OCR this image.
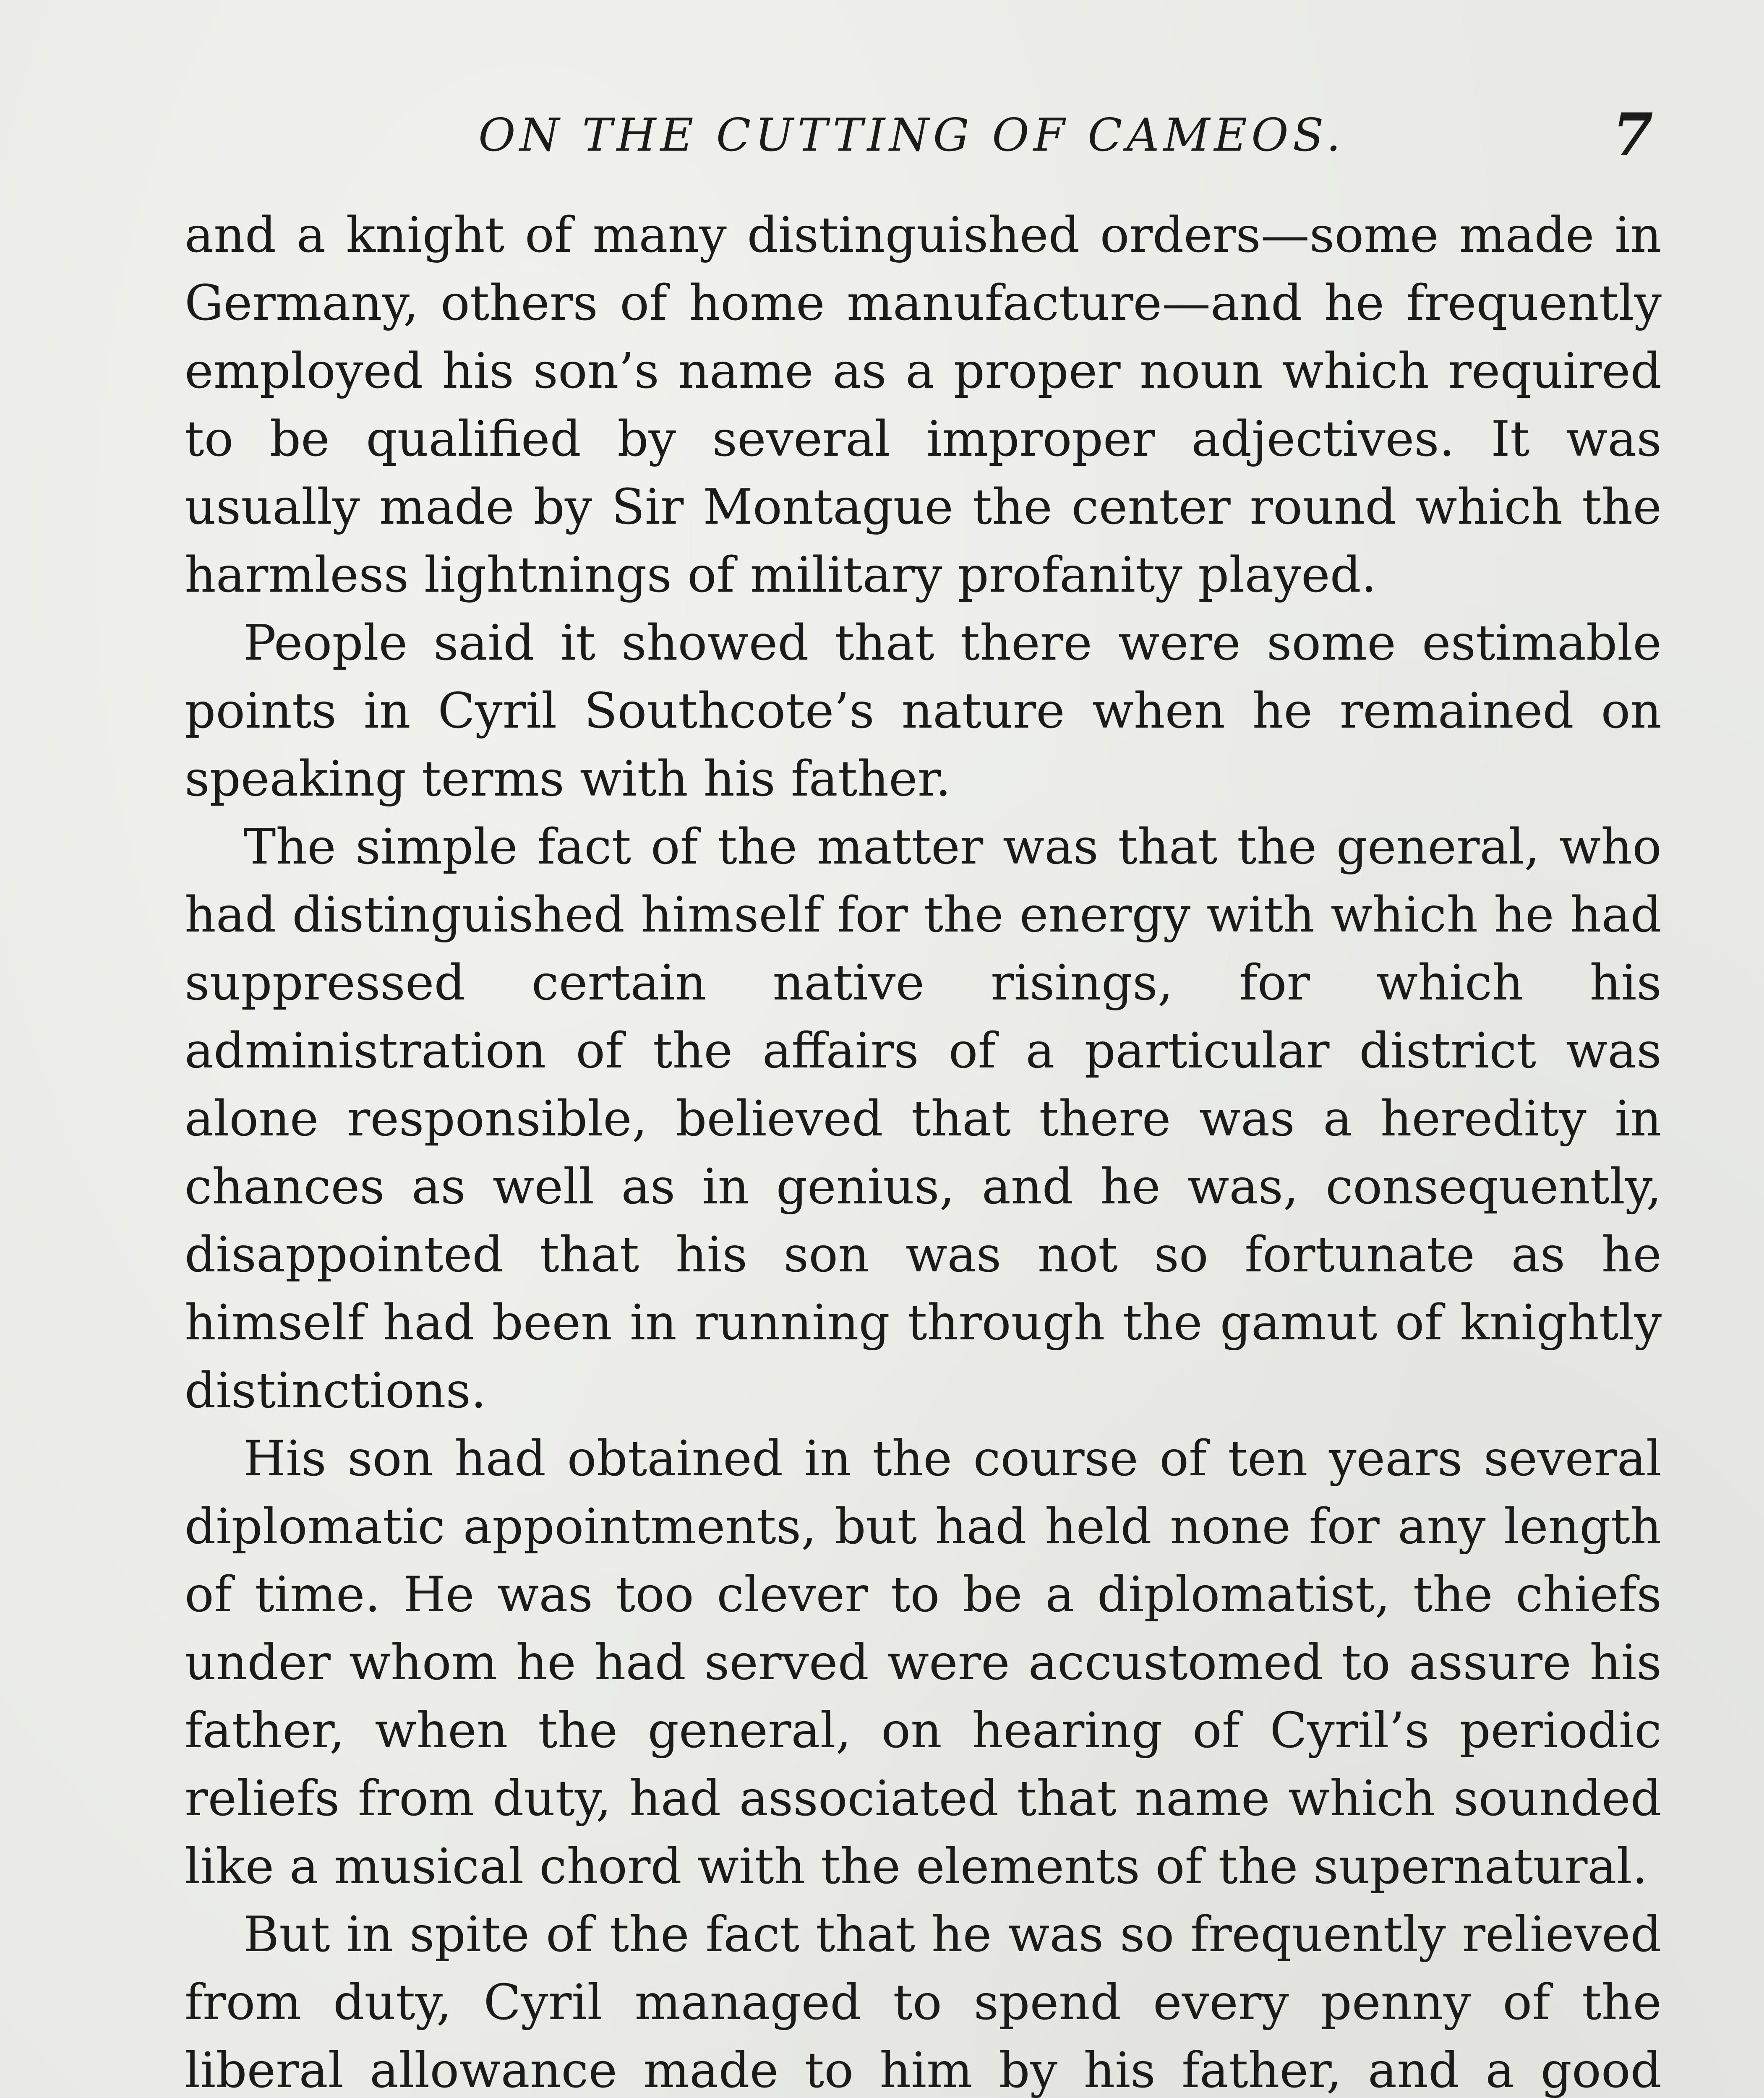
ON THE CUTTING OF CAMEOS.	7

and a knight of many distinguished orders—some made in Germany, others of home manufacture—and he frequently employed his son’s name as a proper noun which required to be qualified by several improper adjectives. It was usually made by Sir Montague the center round which the harmless lightnings of military profanity played.

People said it showed that there were some estimable points in Cyril Southcote’s nature when he remained on speaking terms with his father.

The simple fact of the matter was that the general, who had distinguished himself for the energy with which he had suppressed certain native risings, for which his administration of the affairs of a particular district was alone responsible, believed that there was a heredity in chances as well as in genius, and he was, consequently, disappointed that his son was not so fortunate as he himself had been in running through the gamut of knightly distinctions.

His son had obtained in the course of ten years several diplomatic appointments, but had held none for any length of time. He was too clever to be a diplomatist, the chiefs under whom he had served were accustomed to assure his father, when the general, on hearing of Cyril’s periodic reliefs from duty, had associated that name which sounded like a musical chord with the elements of the supernatural.

But in spite of the fact that he was so frequently relieved from duty, Cyril managed to spend every penny of the liberal allowance made to him by his father, and a good
